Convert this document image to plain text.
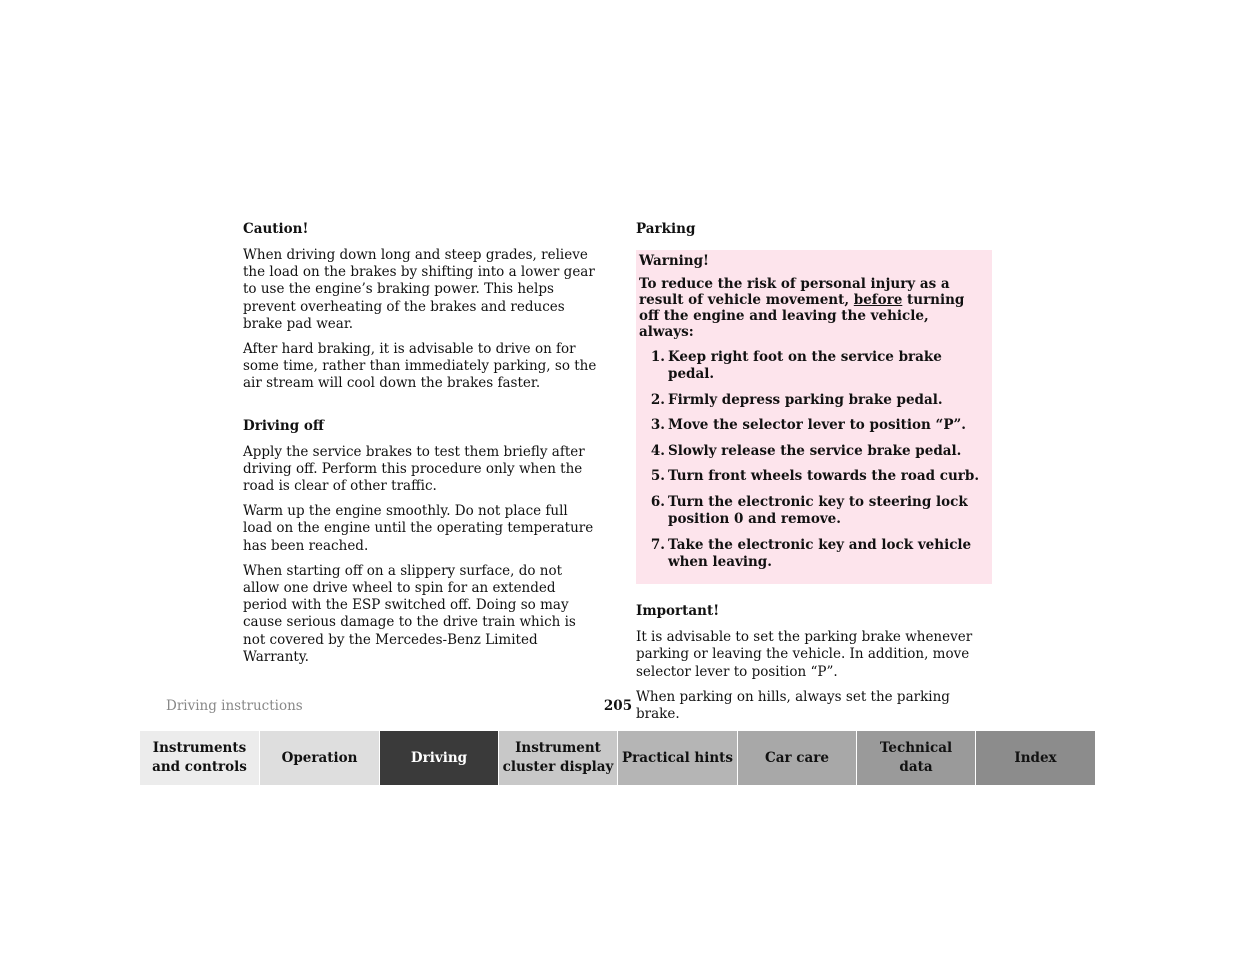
Caution!

When driving down long and steep grades, relieve the load on the brakes by shifting into a lower gear to use the engine’s braking power. This helps prevent overheating of the brakes and reduces brake pad wear.

After hard braking, it is advisable to drive on for some time, rather than immediately parking, so the air stream will cool down the brakes faster.

Driving off

Apply the service brakes to test them briefly after driving off. Perform this procedure only when the road is clear of other traffic.

Warm up the engine smoothly. Do not place full load on the engine until the operating temperature has been reached.

When starting off on a slippery surface, do not allow one drive wheel to spin for an extended period with the ESP switched off. Doing so may cause serious damage to the drive train which is not covered by the Mercedes-Benz Limited Warranty.

Parking
Warning!
To reduce the risk of personal injury as a result of vehicle movement, before turning off the engine and leaving the vehicle, always:
1. Keep right foot on the service brake pedal.
2. Firmly depress parking brake pedal.
3. Move the selector lever to position “P”.
4. Slowly release the service brake pedal.
5. Turn front wheels towards the road curb.
6. Turn the electronic key to steering lock position 0 and remove.
7. Take the electronic key and lock vehicle when leaving.
Important!

It is advisable to set the parking brake whenever parking or leaving the vehicle. In addition, move selector lever to position “P”.

When parking on hills, always set the parking brake.

Driving instructions	205
Instruments
and controls
Operation	Driving
Instrument
cluster display
Practical hints	Car care
Technical
data
Index
